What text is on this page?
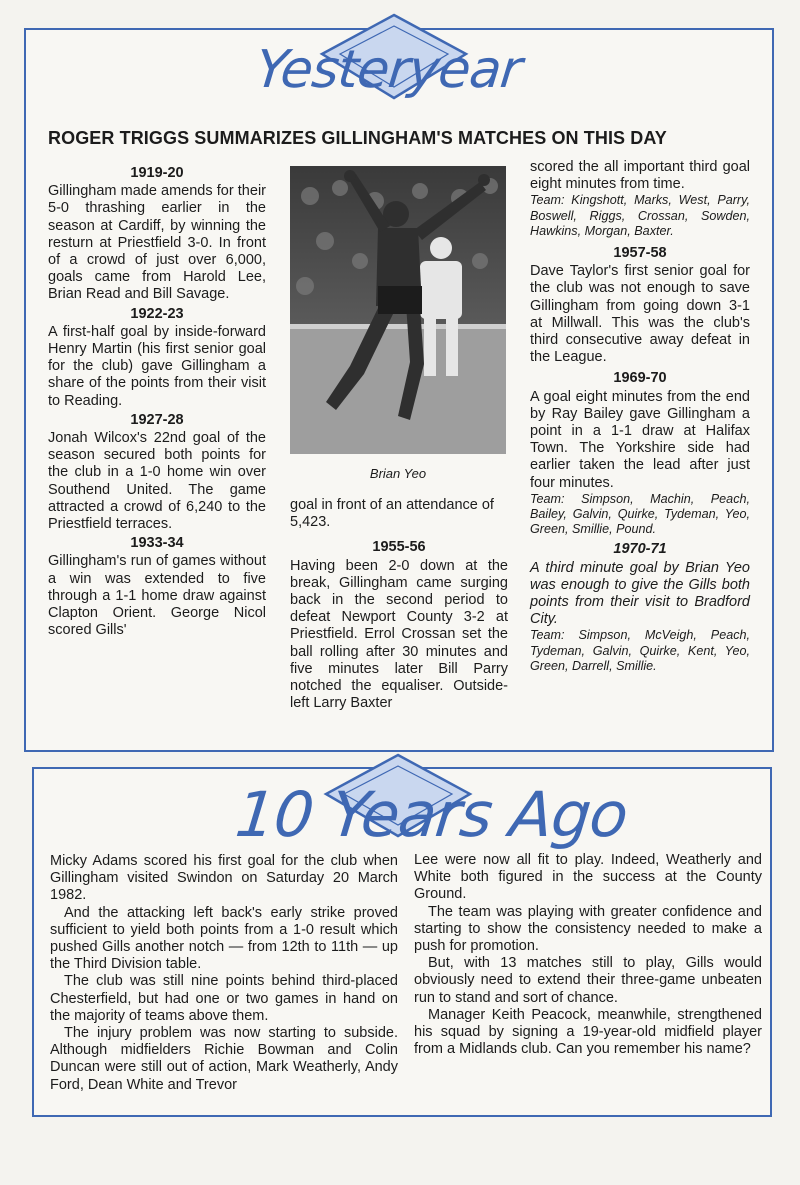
Yesteryear
ROGER TRIGGS SUMMARIZES GILLINGHAM'S MATCHES ON THIS DAY
1919-20

Gillingham made amends for their 5-0 thrashing earlier in the season at Cardiff, by winning the resturn at Priestfield 3-0. In front of a crowd of just over 6,000, goals came from Harold Lee, Brian Read and Bill Savage.

1922-23

A first-half goal by inside-forward Henry Martin (his first senior goal for the club) gave Gillingham a share of the points from their visit to Reading.

1927-28

Jonah Wilcox's 22nd goal of the season secured both points for the club in a 1-0 home win over Southend United. The game attracted a crowd of 6,240 to the Priestfield terraces.

1933-34

Gillingham's run of games without a win was extended to five through a 1-1 home draw against Clapton Orient. George Nicol scored Gills'

Brian Yeo

goal in front of an attendance of 5,423.

1955-56

Having been 2-0 down at the break, Gillingham came surging back in the second period to defeat Newport County 3-2 at Priestfield. Errol Crossan set the ball rolling after 30 minutes and five minutes later Bill Parry notched the equaliser. Outside-left Larry Baxter

scored the all important third goal eight minutes from time.

Team: Kingshott, Marks, West, Parry, Boswell, Riggs, Crossan, Sowden, Hawkins, Morgan, Baxter.

1957-58

Dave Taylor's first senior goal for the club was not enough to save Gillingham from going down 3-1 at Millwall. This was the club's third consecutive away defeat in the League.

1969-70

A goal eight minutes from the end by Ray Bailey gave Gillingham a point in a 1-1 draw at Halifax Town. The Yorkshire side had earlier taken the lead after just four minutes.

Team: Simpson, Machin, Peach, Bailey, Galvin, Quirke, Tydeman, Yeo, Green, Smillie, Pound.

1970-71

A third minute goal by Brian Yeo was enough to give the Gills both points from their visit to Bradford City.

Team: Simpson, McVeigh, Peach, Tydeman, Galvin, Quirke, Kent, Yeo, Green, Darrell, Smillie.

10 Years Ago

Micky Adams scored his first goal for the club when Gillingham visited Swindon on Saturday 20 March 1982.

And the attacking left back's early strike proved sufficient to yield both points from a 1-0 result which pushed Gills another notch — from 12th to 11th — up the Third Division table.

The club was still nine points behind third-placed Chesterfield, but had one or two games in hand on the majority of teams above them.

The injury problem was now starting to subside. Although midfielders Richie Bowman and Colin Duncan were still out of action, Mark Weatherly, Andy Ford, Dean White and Trevor

Lee were now all fit to play. Indeed, Weatherly and White both figured in the success at the County Ground.

The team was playing with greater confidence and starting to show the consistency needed to make a push for promotion.

But, with 13 matches still to play, Gills would obviously need to extend their three-game unbeaten run to stand and sort of chance.

Manager Keith Peacock, meanwhile, strengthened his squad by signing a 19-year-old midfield player from a Midlands club. Can you remember his name?
